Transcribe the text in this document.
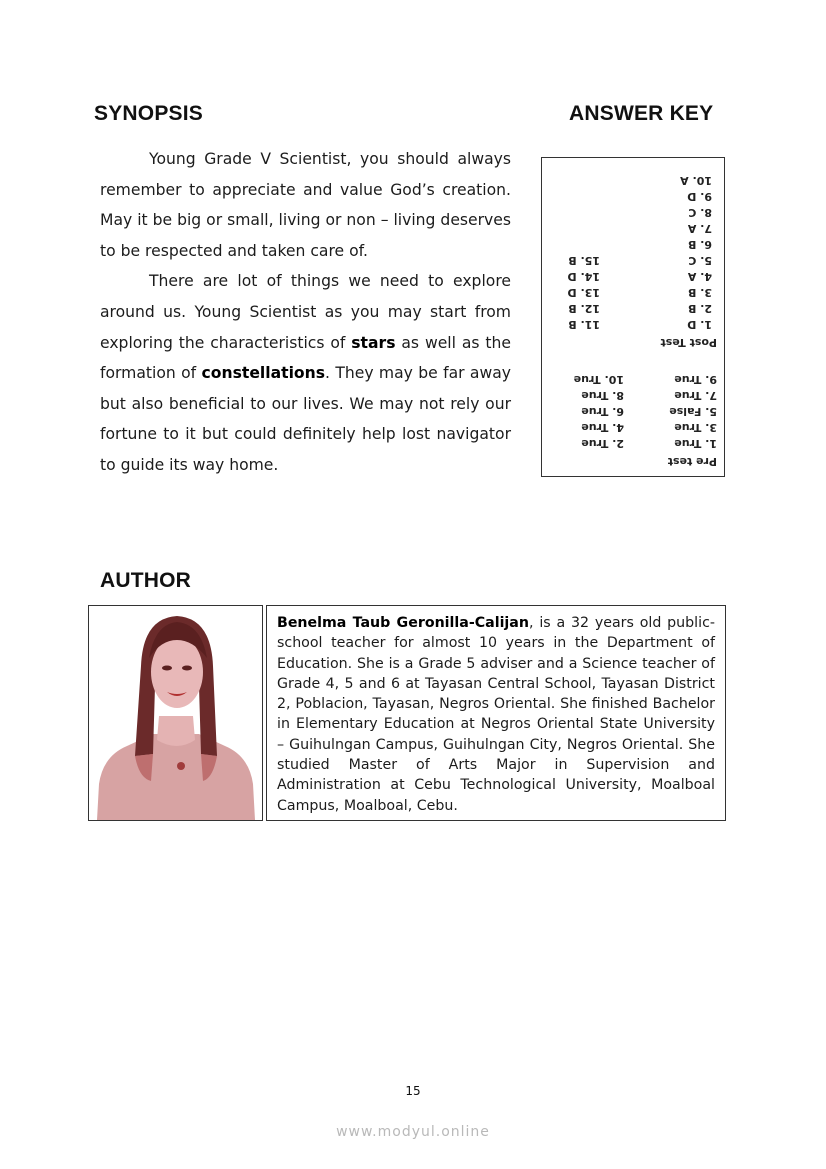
SYNOPSIS	ANSWER KEY

Young Grade V Scientist, you should always remember to appreciate and value God’s creation. May it be big or small, living or non – living deserves to be respected and taken care of.

There are lot of things we need to explore around us. Young Scientist as you may start from exploring the characteristics of stars as well as the formation of constellations. They may be far away but also beneficial to our lives. We may not rely our fortune to it but could definitely help lost navigator to guide its way home.	Pre test
1. True
3. True
5. False
7. True
9. True
2. True
4. True
6. True
8. True
10. True
Post Test
1. D
2. B
3. B
4. A
5. C
6. B
7. A
8. C
9. D
10. A
11. B
12. B
13. D
14. D
15. B
AUTHOR
Benelma Taub Geronilla-Calijan, is a 32 years old public-school teacher for almost 10 years in the Department of Education. She is a Grade 5 adviser and a Science teacher of Grade 4, 5 and 6 at Tayasan Central School, Tayasan District 2, Poblacion, Tayasan, Negros Oriental. She finished Bachelor in Elementary Education at Negros Oriental State University – Guihulngan Campus, Guihulngan City, Negros Oriental. She studied Master of Arts Major in Supervision and Administration at Cebu Technological University, Moalboal Campus, Moalboal, Cebu.
15
www.modyul.online
